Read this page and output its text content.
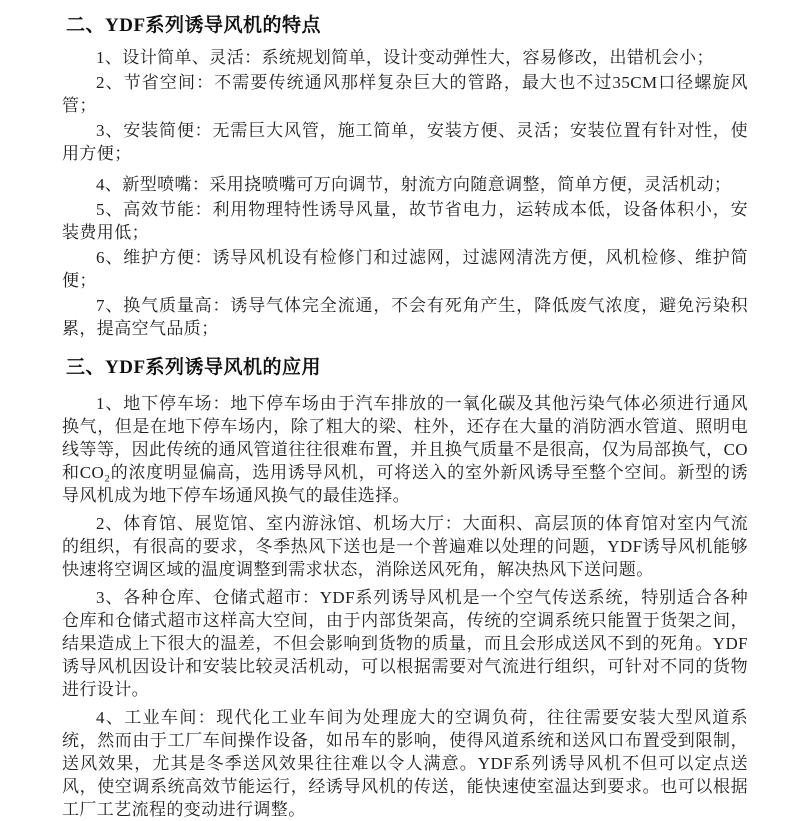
二、YDF系列诱导风机的特点

1、设计简单、灵活：系统规划简单，设计变动弹性大，容易修改，出错机会小；

2、节省空间：不需要传统通风那样复杂巨大的管路，最大也不过35CM口径螺旋风管；

3、安装简便：无需巨大风管，施工简单，安装方便、灵活；安装位置有针对性，使用方便；

4、新型喷嘴：采用挠喷嘴可万向调节，射流方向随意调整，简单方便，灵活机动；

5、高效节能：利用物理特性诱导风量，故节省电力，运转成本低，设备体积小，安装费用低；

6、维护方便：诱导风机设有检修门和过滤网，过滤网清洗方便，风机检修、维护简便；

7、换气质量高：诱导气体完全流通，不会有死角产生，降低废气浓度，避免污染积累，提高空气品质；

三、YDF系列诱导风机的应用

1、地下停车场：地下停车场由于汽车排放的一氧化碳及其他污染气体必须进行通风换气，但是在地下停车场内，除了粗大的梁、柱外，还存在大量的消防洒水管道、照明电线等等，因此传统的通风管道往往很难布置，并且换气质量不是很高，仅为局部换气，CO和CO₂的浓度明显偏高，选用诱导风机，可将送入的室外新风诱导至整个空间。新型的诱导风机成为地下停车场通风换气的最佳选择。

2、体育馆、展览馆、室内游泳馆、机场大厅：大面积、高层顶的体育馆对室内气流的组织，有很高的要求，冬季热风下送也是一个普遍难以处理的问题，YDF诱导风机能够快速将空调区域的温度调整到需求状态，消除送风死角，解决热风下送问题。

3、各种仓库、仓储式超市：YDF系列诱导风机是一个空气传送系统，特别适合各种仓库和仓储式超市这样高大空间，由于内部货架高，传统的空调系统只能置于货架之间，结果造成上下很大的温差，不但会影响到货物的质量，而且会形成送风不到的死角。YDF诱导风机因设计和安装比较灵活机动，可以根据需要对气流进行组织，可针对不同的货物进行设计。

4、工业车间：现代化工业车间为处理庞大的空调负荷，往往需要安装大型风道系统，然而由于工厂车间操作设备，如吊车的影响，使得风道系统和送风口布置受到限制，送风效果，尤其是冬季送风效果往往难以令人满意。YDF系列诱导风机不但可以定点送风，使空调系统高效节能运行，经诱导风机的传送，能快速使室温达到要求。也可以根据工厂工艺流程的变动进行调整。
